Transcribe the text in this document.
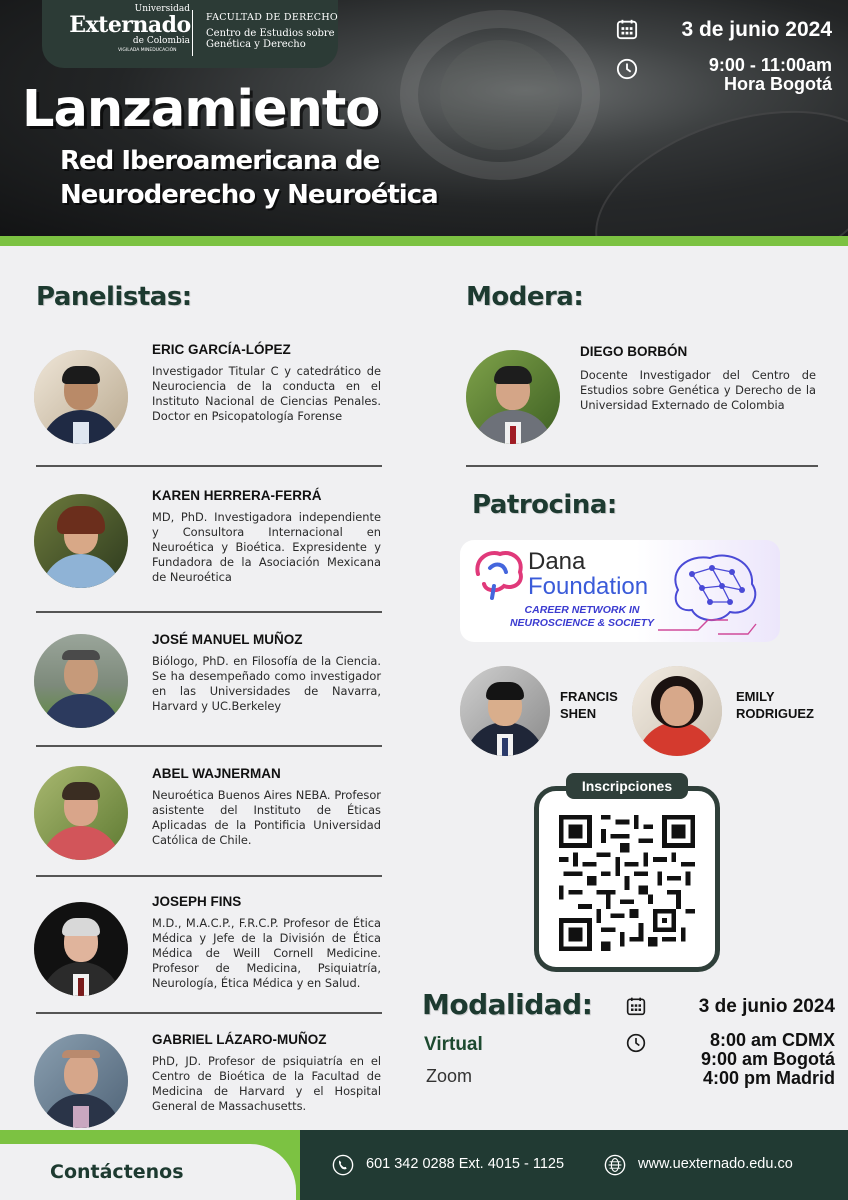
Universidad
Externado
de Colombia
VIGILADA MINEDUCACIÓN
FACULTAD DE DERECHO
Centro de Estudios sobre Genética y Derecho
3 de junio 2024
9:00 - 11:00am
Hora Bogotá
Lanzamiento
Red Iberoamericana de
Neuroderecho y Neuroética
Panelistas:
ERIC GARCÍA-LÓPEZ
Investigador Titular C y catedrático de Neurociencia de la conducta en el Instituto Nacional de Ciencias Penales. Doctor en Psicopatología Forense
KAREN HERRERA-FERRÁ
MD, PhD. Investigadora independiente y Consultora Internacional en Neuroética y Bioética. Expresidente y Fundadora de la Asociación Mexicana de Neuroética
JOSÉ MANUEL MUÑOZ
Biólogo, PhD. en Filosofía de la Ciencia. Se ha desempeñado como investigador en las Universidades de Navarra, Harvard y UC.Berkeley
ABEL WAJNERMAN
Neuroética Buenos Aires NEBA. Profesor asistente del Instituto de Éticas Aplicadas de la Pontificia Universidad Católica de Chile.
JOSEPH FINS
M.D., M.A.C.P., F.R.C.P. Profesor de Ética Médica y Jefe de la División de Ética Médica de Weill Cornell Medicine. Profesor de Medicina, Psiquiatría, Neurología, Ética Médica y en Salud.
GABRIEL LÁZARO-MUÑOZ
PhD, JD. Profesor de psiquiatría en el Centro de Bioética de la Facultad de Medicina de Harvard y el Hospital General de Massachusetts.
Modera:
DIEGO BORBÓN
Docente Investigador del Centro de Estudios sobre Genética y Derecho de la Universidad Externado de Colombia
Patrocina:
Dana
Foundation
CAREER NETWORK IN NEUROSCIENCE & SOCIETY
FRANCIS
SHEN
EMILY
RODRIGUEZ
Inscripciones
Modalidad:
Virtual
Zoom
3 de junio 2024
8:00 am CDMX
9:00 am Bogotá
4:00 pm Madrid
Contáctenos	601 342 0288 Ext. 4015 - 1125	www.uexternado.edu.co
